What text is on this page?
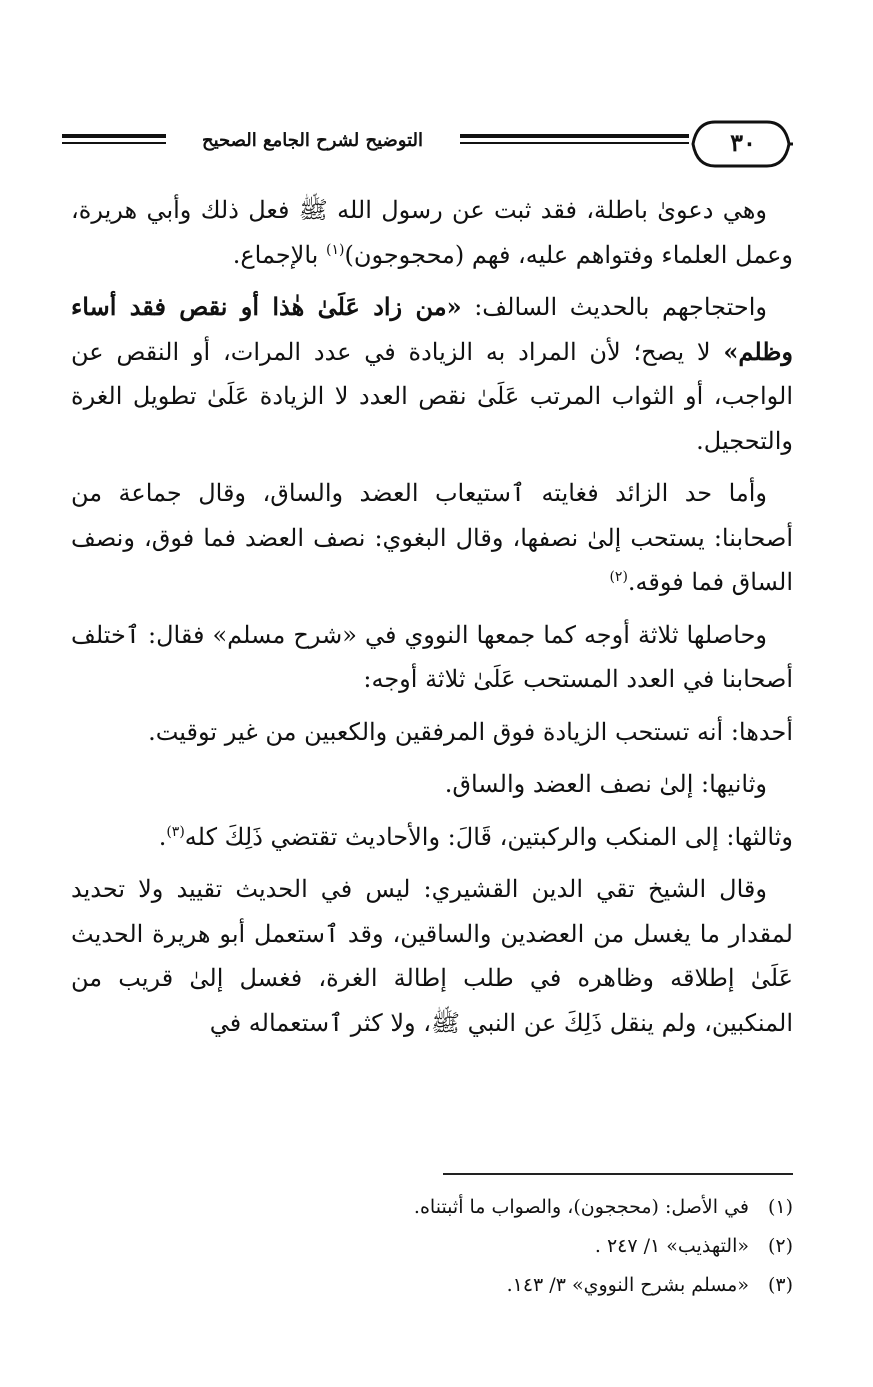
٣٠
التوضيح لشرح الجامع الصحيح

وهي دعوىٰ باطلة، فقد ثبت عن رسول الله ﷺ فعل ذلك وأبي هريرة، وعمل العلماء وفتواهم عليه، فهم (محجوجون)$^{(١)}$ بالإجماع.

واحتجاجهم بالحديث السالف: «من زاد عَلَىٰ هٰذا أو نقص فقد أساء وظلم» لا يصح؛ لأن المراد به الزيادة في عدد المرات، أو النقص عن الواجب، أو الثواب المرتب عَلَىٰ نقص العدد لا الزيادة عَلَىٰ تطويل الغرة والتحجيل.

وأما حد الزائد فغايته ٱستيعاب العضد والساق، وقال جماعة من أصحابنا: يستحب إلىٰ نصفها، وقال البغوي: نصف العضد فما فوق، ونصف الساق فما فوقه.$^{(٢)}$

وحاصلها ثلاثة أوجه كما جمعها النووي في «شرح مسلم» فقال: ٱختلف أصحابنا في العدد المستحب عَلَىٰ ثلاثة أوجه:

أحدها: أنه تستحب الزيادة فوق المرفقين والكعبين من غير توقيت.

وثانيها: إلىٰ نصف العضد والساق.

وثالثها: إلى المنكب والركبتين، قَالَ: والأحاديث تقتضي ذَلِكَ كله$^{(٣)}$.

وقال الشيخ تقي الدين القشيري: ليس في الحديث تقييد ولا تحديد لمقدار ما يغسل من العضدين والساقين، وقد ٱستعمل أبو هريرة الحديث عَلَىٰ إطلاقه وظاهره في طلب إطالة الغرة، فغسل إلىٰ قريب من المنكبين، ولم ينقل ذَلِكَ عن النبي ﷺ، ولا كثر ٱستعماله في

(١)في الأصل: (محججون)، والصواب ما أثبتناه.

(٢)«التهذيب» ١/ ٢٤٧ .

(٣)«مسلم بشرح النووي» ٣/ ١٤٣.
